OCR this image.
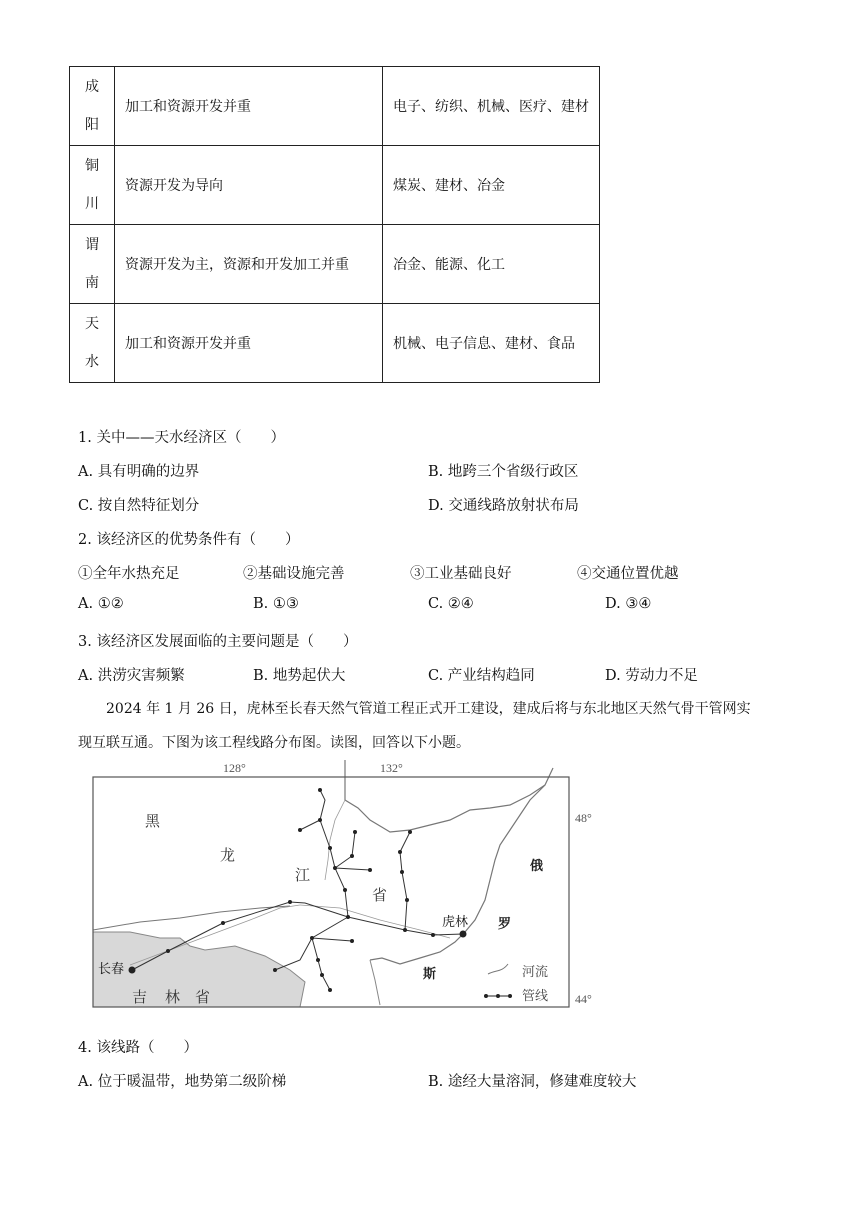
成
阳	加工和资源开发并重	电子、纺织、机械、医疗、建材

铜
川	资源开发为导向	煤炭、建材、冶金

谓
南	资源开发为主，资源和开发加工并重	冶金、能源、化工

天
水	加工和资源开发并重	机械、电子信息、建材、食品
1. 关中——天水经济区（　　）
A. 具有明确的边界	B. 地跨三个省级行政区
C. 按自然特征划分	D. 交通线路放射状布局
2. 该经济区的优势条件有（　　）
①全年水热充足	②基础设施完善	③工业基础良好	④交通位置优越
A. ①②	B. ①③	C. ②④	D. ③④
3. 该经济区发展面临的主要问题是（　　）
A. 洪涝灾害频繁	B. 地势起伏大	C. 产业结构趋同	D. 劳动力不足
2024 年 1 月 26 日，虎林至长春天然气管道工程正式开工建设，建成后将与东北地区天然气骨干管网实
现互联互通。下图为该工程线路分布图。读图，回答以下小题。
128°	132°
48°
44°
黑
龙
江
省
吉 林 省
俄
罗
斯
虎林
长春	河流
管线
4. 该线路（　　）
A. 位于暖温带，地势第二级阶梯	B. 途经大量溶洞，修建难度较大
